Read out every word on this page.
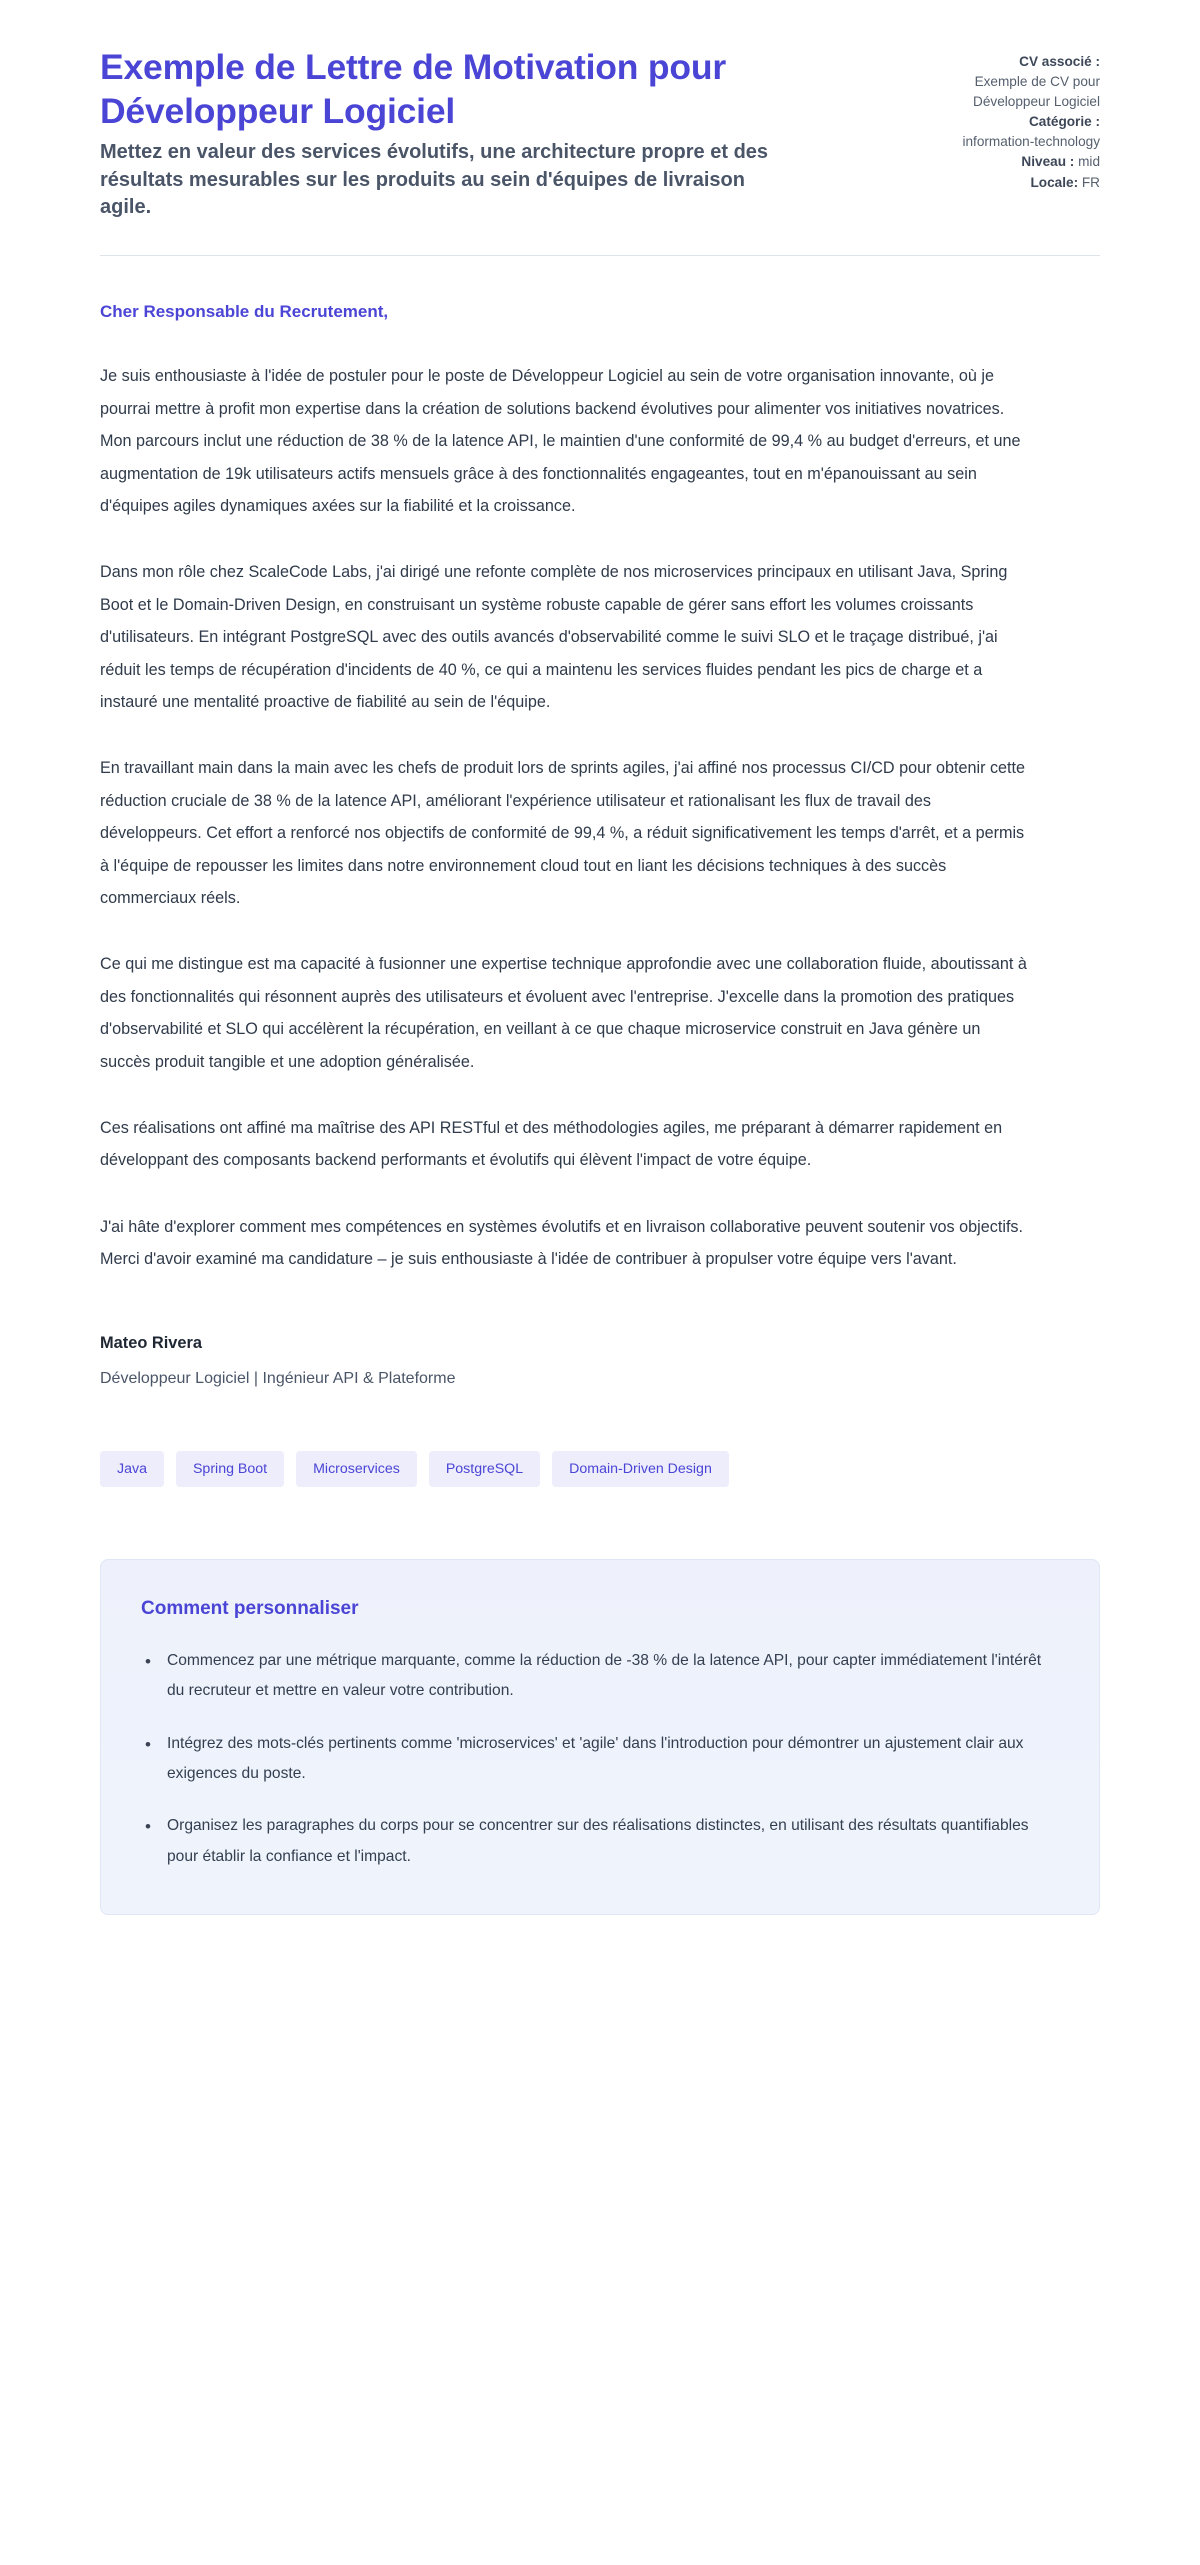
Exemple de Lettre de Motivation pour Développeur Logiciel

Mettez en valeur des services évolutifs, une architecture propre et des résultats mesurables sur les produits au sein d'équipes de livraison agile.

CV associé :
Exemple de CV pour Développeur Logiciel
Catégorie :
information-technology
Niveau : mid
Locale: FR

Cher Responsable du Recrutement,

Je suis enthousiaste à l'idée de postuler pour le poste de Développeur Logiciel au sein de votre organisation innovante, où je pourrai mettre à profit mon expertise dans la création de solutions backend évolutives pour alimenter vos initiatives novatrices. Mon parcours inclut une réduction de 38 % de la latence API, le maintien d'une conformité de 99,4 % au budget d'erreurs, et une augmentation de 19k utilisateurs actifs mensuels grâce à des fonctionnalités engageantes, tout en m'épanouissant au sein d'équipes agiles dynamiques axées sur la fiabilité et la croissance.

Dans mon rôle chez ScaleCode Labs, j'ai dirigé une refonte complète de nos microservices principaux en utilisant Java, Spring Boot et le Domain-Driven Design, en construisant un système robuste capable de gérer sans effort les volumes croissants d'utilisateurs. En intégrant PostgreSQL avec des outils avancés d'observabilité comme le suivi SLO et le traçage distribué, j'ai réduit les temps de récupération d'incidents de 40 %, ce qui a maintenu les services fluides pendant les pics de charge et a instauré une mentalité proactive de fiabilité au sein de l'équipe.

En travaillant main dans la main avec les chefs de produit lors de sprints agiles, j'ai affiné nos processus CI/CD pour obtenir cette réduction cruciale de 38 % de la latence API, améliorant l'expérience utilisateur et rationalisant les flux de travail des développeurs. Cet effort a renforcé nos objectifs de conformité de 99,4 %, a réduit significativement les temps d'arrêt, et a permis à l'équipe de repousser les limites dans notre environnement cloud tout en liant les décisions techniques à des succès commerciaux réels.

Ce qui me distingue est ma capacité à fusionner une expertise technique approfondie avec une collaboration fluide, aboutissant à des fonctionnalités qui résonnent auprès des utilisateurs et évoluent avec l'entreprise. J'excelle dans la promotion des pratiques d'observabilité et SLO qui accélèrent la récupération, en veillant à ce que chaque microservice construit en Java génère un succès produit tangible et une adoption généralisée.

Ces réalisations ont affiné ma maîtrise des API RESTful et des méthodologies agiles, me préparant à démarrer rapidement en développant des composants backend performants et évolutifs qui élèvent l'impact de votre équipe.

J'ai hâte d'explorer comment mes compétences en systèmes évolutifs et en livraison collaborative peuvent soutenir vos objectifs. Merci d'avoir examiné ma candidature – je suis enthousiaste à l'idée de contribuer à propulser votre équipe vers l'avant.

Mateo Rivera

Développeur Logiciel | Ingénieur API & Plateforme

Java	Spring Boot	Microservices	PostgreSQL	Domain-Driven Design
Comment personnaliser
• Commencez par une métrique marquante, comme la réduction de -38 % de la latence API, pour capter immédiatement l'intérêt du recruteur et mettre en valeur votre contribution.
• Intégrez des mots-clés pertinents comme 'microservices' et 'agile' dans l'introduction pour démontrer un ajustement clair aux exigences du poste.
• Organisez les paragraphes du corps pour se concentrer sur des réalisations distinctes, en utilisant des résultats quantifiables pour établir la confiance et l'impact.
